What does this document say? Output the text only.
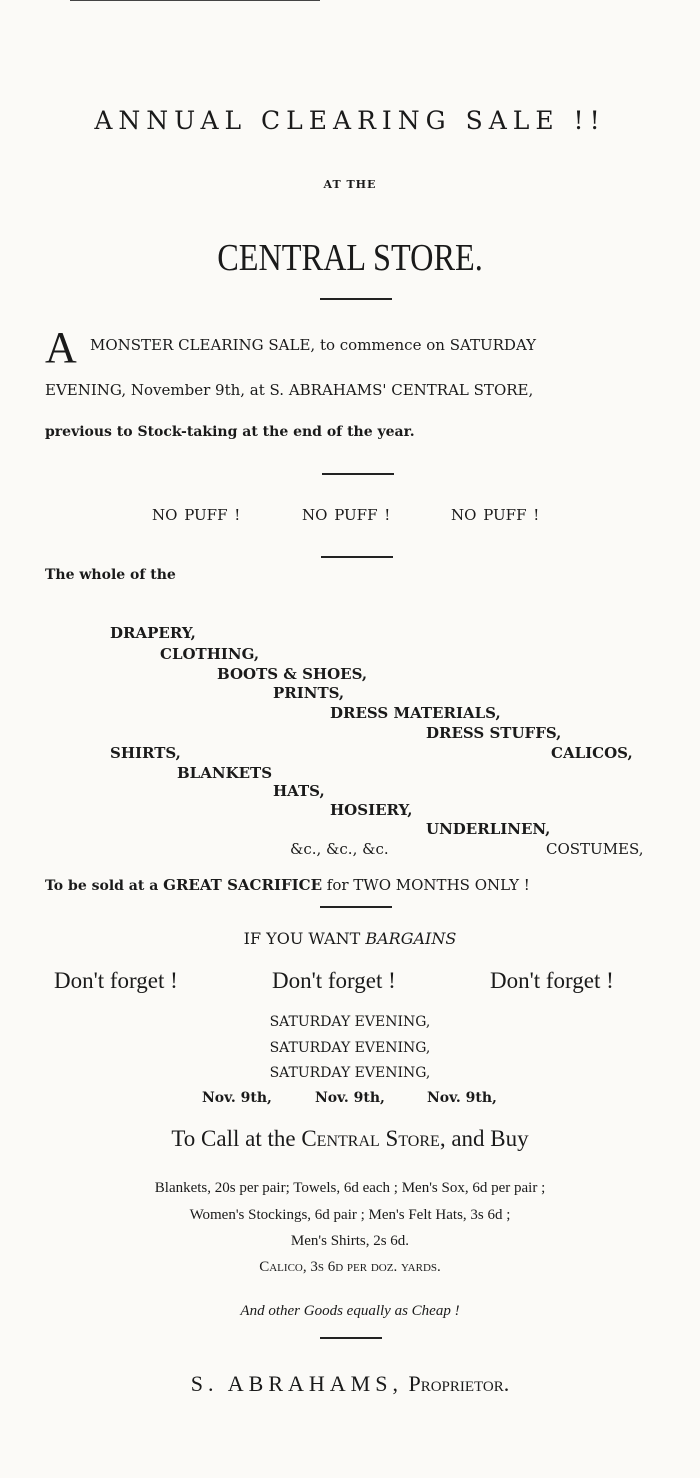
ANNUAL CLEARING SALE !!
AT THE
CENTRAL STORE.
A MONSTER CLEARING SALE, to commence on SATURDAY
EVENING, November 9th, at S. ABRAHAMS' CENTRAL STORE,
previous to Stock-taking at the end of the year.
NO PUFF !	NO PUFF !	NO PUFF !
The whole of the
DRAPERY,
CLOTHING,
BOOTS & SHOES,
PRINTS,
DRESS MATERIALS,
DRESS STUFFS,
SHIRTS,	CALICOS,
BLANKETS
HATS,
HOSIERY,
UNDERLINEN,
&c., &c., &c.	COSTUMES,
To be sold at a GREAT SACRIFICE for TWO MONTHS ONLY !
IF YOU WANT BARGAINS
Don't forget !	Don't forget !	Don't forget !
SATURDAY EVENING,
SATURDAY EVENING,
SATURDAY EVENING,
Nov. 9th,	Nov. 9th,	Nov. 9th,
To Call at the Central Store, and Buy
Blankets, 20s per pair; Towels, 6d each ; Men's Sox, 6d per pair ;
Women's Stockings, 6d pair ; Men's Felt Hats, 3s 6d ;
Men's Shirts, 2s 6d.
Calico, 3s 6d per doz. yards.
And other Goods equally as Cheap !
S. ABRAHAMS, Proprietor.
